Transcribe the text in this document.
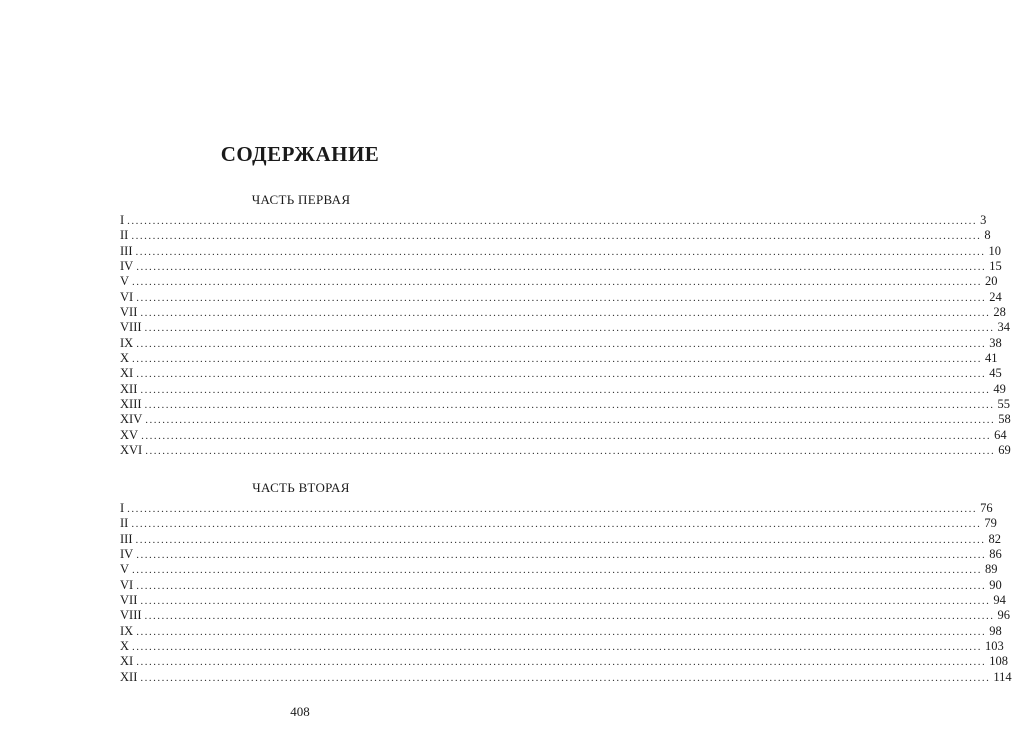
СОДЕРЖАНИЕ
ЧАСТЬ ПЕРВАЯ
I ........................................................................................................................................................................................................ 3
II ........................................................................................................................................................................................................ 8
III ........................................................................................................................................................................................................ 10
IV ........................................................................................................................................................................................................ 15
V ........................................................................................................................................................................................................ 20
VI ........................................................................................................................................................................................................ 24
VII ........................................................................................................................................................................................................ 28
VIII ........................................................................................................................................................................................................ 34
IX ........................................................................................................................................................................................................ 38
X ........................................................................................................................................................................................................ 41
XI ........................................................................................................................................................................................................ 45
XII ........................................................................................................................................................................................................ 49
XIII ........................................................................................................................................................................................................ 55
XIV ........................................................................................................................................................................................................ 58
XV ........................................................................................................................................................................................................ 64
XVI ........................................................................................................................................................................................................ 69
ЧАСТЬ ВТОРАЯ
I ........................................................................................................................................................................................................ 76
II ........................................................................................................................................................................................................ 79
III ........................................................................................................................................................................................................ 82
IV ........................................................................................................................................................................................................ 86
V ........................................................................................................................................................................................................ 89
VI ........................................................................................................................................................................................................ 90
VII ........................................................................................................................................................................................................ 94
VIII ........................................................................................................................................................................................................ 96
IX ........................................................................................................................................................................................................ 98
X ........................................................................................................................................................................................................ 103
XI ........................................................................................................................................................................................................ 108
XII ........................................................................................................................................................................................................ 114
408
